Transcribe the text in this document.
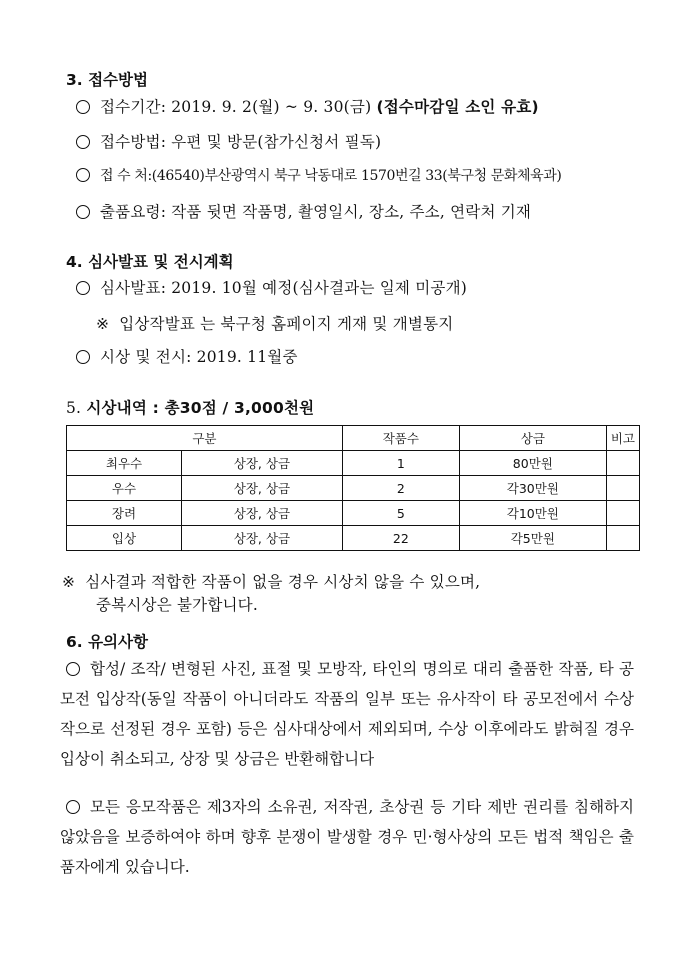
3. 접수방법
접수기간: 2019. 9. 2(월) ~ 9. 30(금) (접수마감일 소인 유효)
접수방법: 우편 및 방문(참가신청서 필독)
접 수 처:(46540)부산광역시 북구 낙동대로 1570번길 33(북구청 문화체육과)
출품요령: 작품 뒷면 작품명, 촬영일시, 장소, 주소, 연락처 기재
4. 심사발표 및 전시계획
심사발표: 2019. 10월 예정(심사결과는 일제 미공개)
※ 입상작발표 는 북구청 홈페이지 게재 및 개별통지
시상 및 전시: 2019. 11월중
5. 시상내역 : 총30점 / 3,000천원
구분		작품수	상금	비고
최우수	상장, 상금	1	80만원	
우수	상장, 상금	2	각30만원	
장려	상장, 상금	5	각10만원	
입상	상장, 상금	22	각5만원	
※ 심사결과 적합한 작품이 없을 경우 시상치 않을 수 있으며,
중복시상은 불가합니다.
6. 유의사항
합성/ 조작/ 변형된 사진, 표절 및 모방작, 타인의 명의로 대리 출품한 작품, 타 공모전 입상작(동일 작품이 아니더라도 작품의 일부 또는 유사작이 타 공모전에서 수상작으로 선정된 경우 포함) 등은 심사대상에서 제외되며, 수상 이후에라도 밝혀질 경우 입상이 취소되고, 상장 및 상금은 반환해합니다
모든 응모작품은 제3자의 소유권, 저작권, 초상권 등 기타 제반 권리를 침해하지 않았음을 보증하여야 하며 향후 분쟁이 발생할 경우 민·형사상의 모든 법적 책임은 출품자에게 있습니다.
